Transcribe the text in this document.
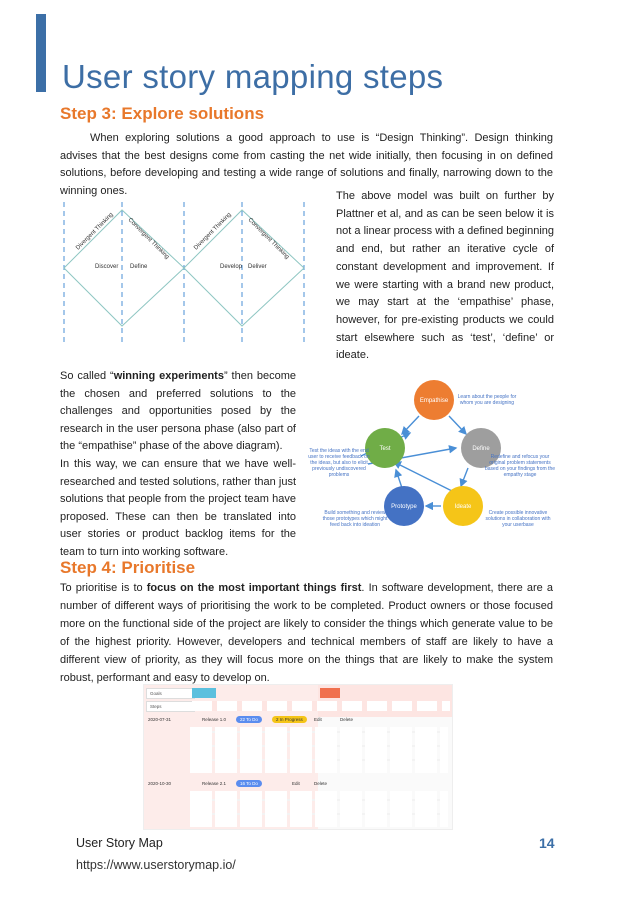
User story mapping steps
Step 3: Explore solutions

When exploring solutions a good approach to use is “Design Thinking”. Design thinking advises that the best designs come from casting the net wide initially, then focusing in on defined solutions, before developing and testing a wide range of solutions and finally, narrowing down to the winning ones.

Divergent Thinking Convergent Thinking	Divergent Thinking Convergent Thinking
Discover Define	Develop Deliver

The above model was built on further by Plattner et al, and as can be seen below it is not a linear process with a defined beginning and end, but rather an iterative cycle of constant development and improvement. If we were starting with a brand new product, we may start at the ‘empathise’ phase, however, for pre-existing products we could start elsewhere such as ‘test’, ‘define’ or ideate.

So called “winning experiments” then become the chosen and preferred solutions to the challenges and opportunities posed by the research in the user persona phase (also part of the “empathise” phase of the above diagram).

In this way, we can ensure that we have well-researched and tested solutions, rather than just solutions that people from the project team have proposed. These can then be translated into user stories or product backlog items for the team to turn into working software.

Empathise
Define
Ideate
Prototype
Test
Learn about the people for whom you are designing
Redefine and refocus your original problem statements based on your findings from the empathy stage
Create possible innovative solutions in collaboration with your userbase
Build something and review those prototypes which might feed back into ideation
Test the ideas with the end user to receive feedback on the ideas, but also to elicit previously undiscovered problems
Step 4: Prioritise

To prioritise is to focus on the most important things first. In software development, there are a number of different ways of prioritising the work to be completed. Product owners or those focused more on the functional side of the project are likely to consider the things which generate value to be of the highest priority. However, developers and technical members of staff are likely to have a different view of priority, as they will focus more on the things that are likely to make the system robust, performant and easy to develop on.

Goals
Steps
2020-07-31	Release 1.0	22 To Do	2 In Progress	Edit	Delete
2020-10-30	Release 2.1	16 To Do	Edit	Delete
User Story Map	14
https://www.userstorymap.io/
